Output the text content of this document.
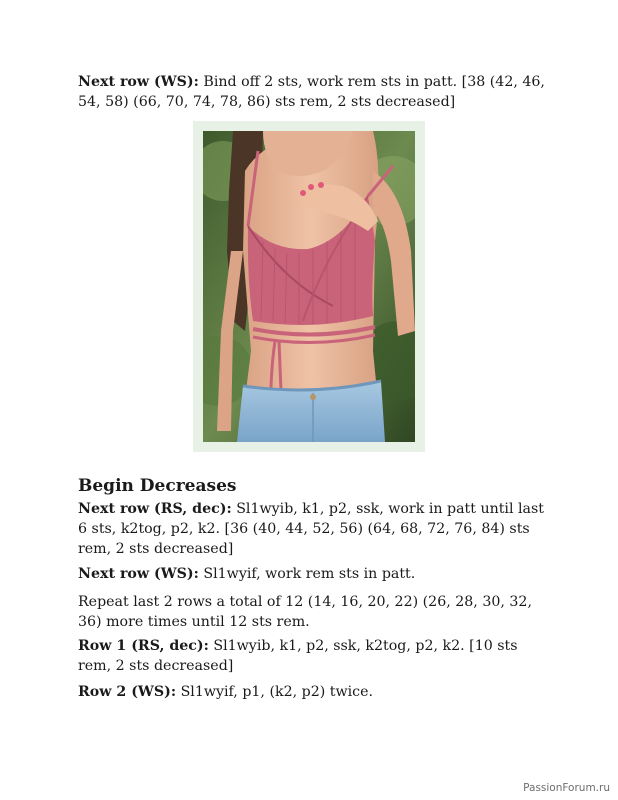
Next row (WS): Bind off 2 sts, work rem sts in patt. [38 (42, 46, 54, 58) (66, 70, 74, 78, 86) sts rem, 2 sts decreased]

Begin Decreases

Next row (RS, dec): Sl1wyib, k1, p2, ssk, work in patt until last 6 sts, k2tog, p2, k2. [36 (40, 44, 52, 56) (64, 68, 72, 76, 84) sts rem, 2 sts decreased]

Next row (WS): Sl1wyif, work rem sts in patt.

Repeat last 2 rows a total of 12 (14, 16, 20, 22) (26, 28, 30, 32, 36) more times until 12 sts rem.

Row 1 (RS, dec): Sl1wyib, k1, p2, ssk, k2tog, p2, k2. [10 sts rem, 2 sts decreased]

Row 2 (WS): Sl1wyif, p1, (k2, p2) twice.

PassionForum.ru
